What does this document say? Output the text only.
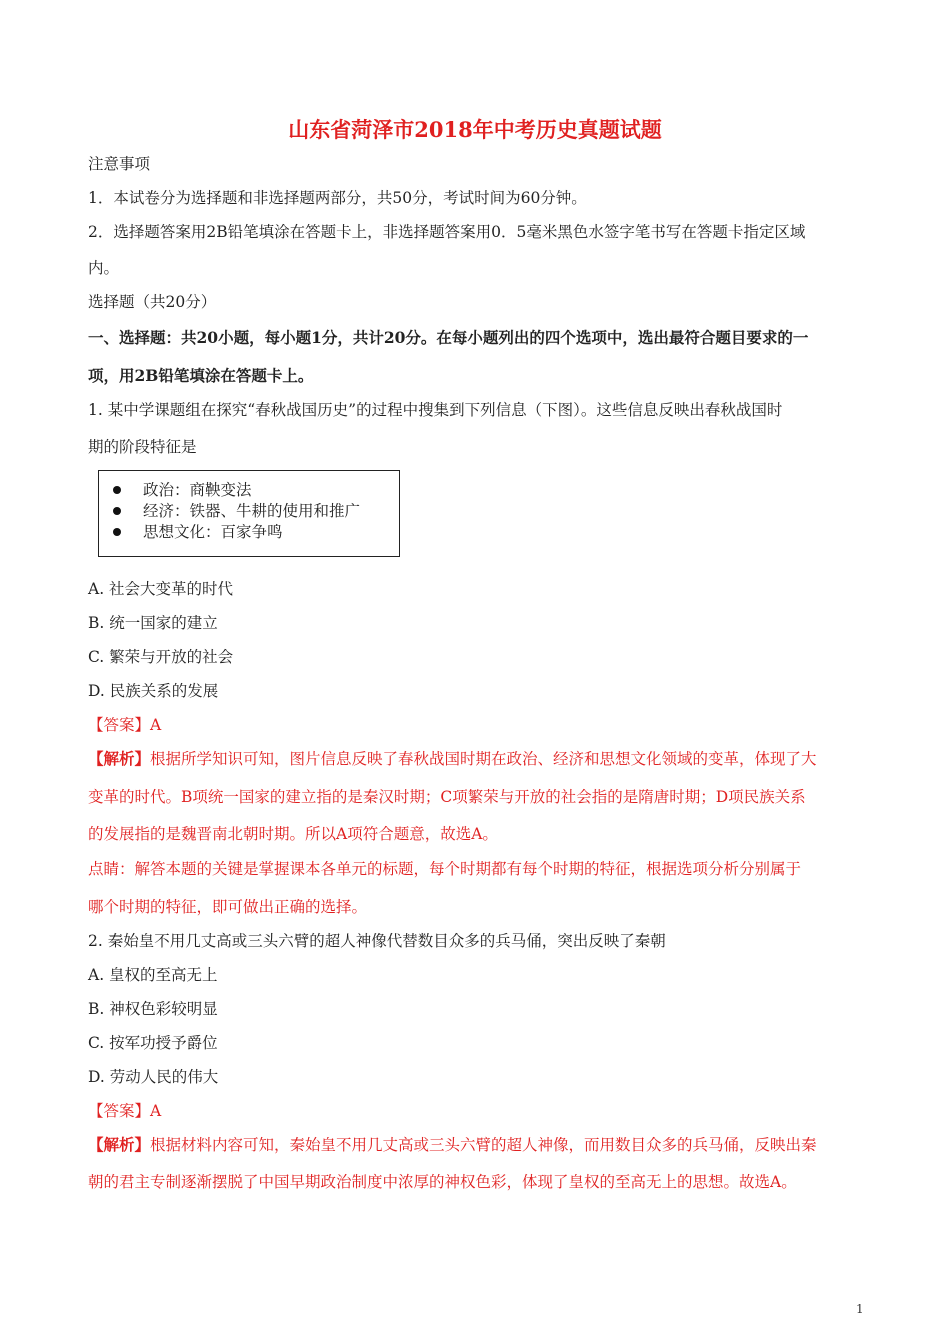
山东省菏泽市2018年中考历史真题试题
注意事项
1．本试卷分为选择题和非选择题两部分，共50分，考试时间为60分钟。
2．选择题答案用2B铅笔填涂在答题卡上，非选择题答案用0．5毫米黑色水签字笔书写在答题卡指定区域
内。
选择题（共20分）
一、选择题：共20小题，每小题1分，共计20分。在每小题列出的四个选项中，选出最符合题目要求的一
项，用2B铅笔填涂在答题卡上。
1. 某中学课题组在探究“春秋战国历史”的过程中搜集到下列信息（下图）。这些信息反映出春秋战国时
期的阶段特征是
政治：商鞅变法
经济：铁器、牛耕的使用和推广
思想文化：百家争鸣
A. 社会大变革的时代
B. 统一国家的建立
C. 繁荣与开放的社会
D. 民族关系的发展
【答案】A
【解析】根据所学知识可知，图片信息反映了春秋战国时期在政治、经济和思想文化领域的变革，体现了大
变革的时代。B项统一国家的建立指的是秦汉时期；C项繁荣与开放的社会指的是隋唐时期；D项民族关系
的发展指的是魏晋南北朝时期。所以A项符合题意，故选A。
点睛：解答本题的关键是掌握课本各单元的标题，每个时期都有每个时期的特征，根据选项分析分别属于
哪个时期的特征，即可做出正确的选择。
2. 秦始皇不用几丈高或三头六臂的超人神像代替数目众多的兵马俑，突出反映了秦朝
A. 皇权的至高无上
B. 神权色彩较明显
C. 按军功授予爵位
D. 劳动人民的伟大
【答案】A
【解析】根据材料内容可知，秦始皇不用几丈高或三头六臂的超人神像，而用数目众多的兵马俑，反映出秦
朝的君主专制逐渐摆脱了中国早期政治制度中浓厚的神权色彩，体现了皇权的至高无上的思想。故选A。
1
